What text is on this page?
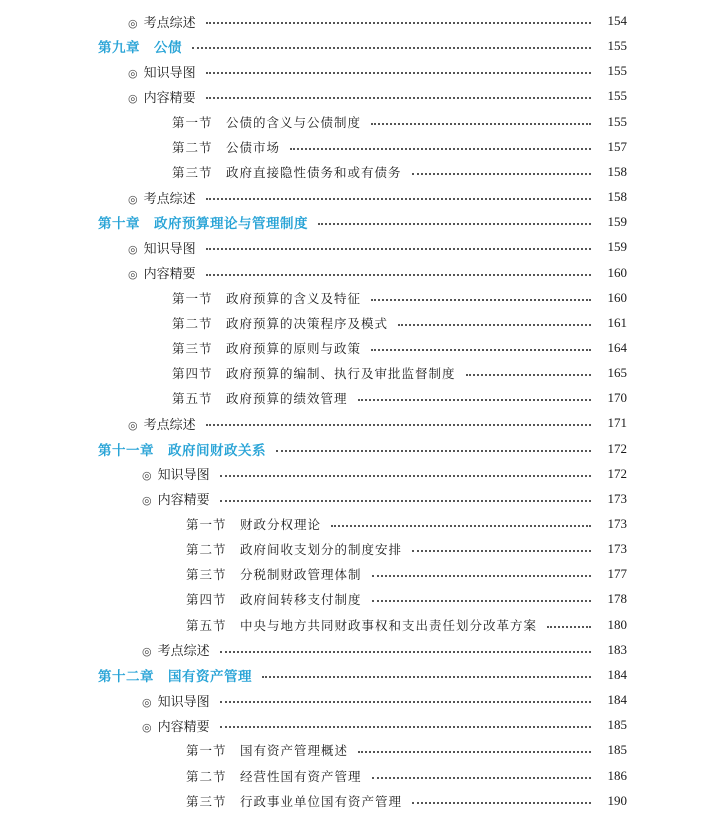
◎ 考点综述	154
第九章　公债	155
◎ 知识导图	155
◎ 内容精要	155
第一节 公债的含义与公债制度	155
第二节 公债市场	157
第三节 政府直接隐性债务和或有债务	158
◎ 考点综述	158
第十章　政府预算理论与管理制度	159
◎ 知识导图	159
◎ 内容精要	160
第一节 政府预算的含义及特征	160
第二节 政府预算的决策程序及模式	161
第三节 政府预算的原则与政策	164
第四节 政府预算的编制、执行及审批监督制度	165
第五节 政府预算的绩效管理	170
◎ 考点综述	171
第十一章　政府间财政关系	172
◎ 知识导图	172
◎ 内容精要	173
第一节 财政分权理论	173
第二节 政府间收支划分的制度安排	173
第三节 分税制财政管理体制	177
第四节 政府间转移支付制度	178
第五节 中央与地方共同财政事权和支出责任划分改革方案	180
◎ 考点综述	183
第十二章　国有资产管理	184
◎ 知识导图	184
◎ 内容精要	185
第一节 国有资产管理概述	185
第二节 经营性国有资产管理	186
第三节 行政事业单位国有资产管理	190
